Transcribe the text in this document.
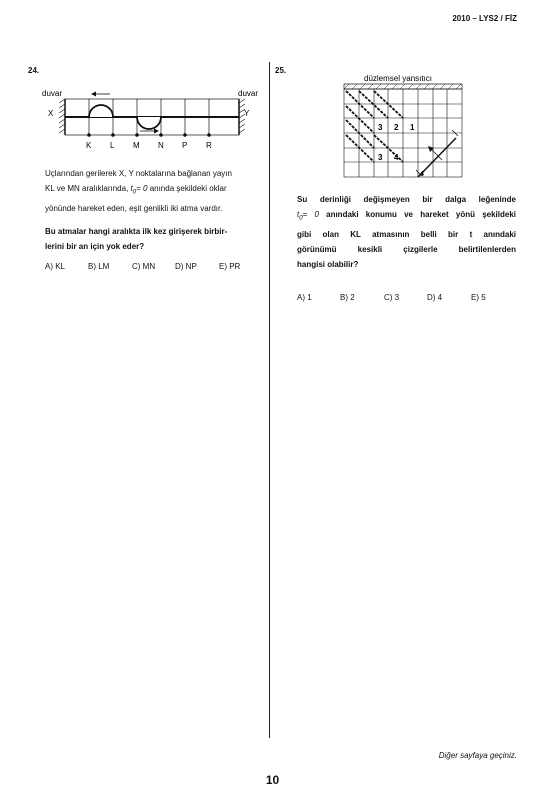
2010 – LYS2 / FİZ
24.
duvar	duvar
X	Y
K L M N P R
Uçlarından gerilerek X, Y noktalarına bağlanan yayın
KL ve MN aralıklarında, $t_0= 0$ anında şekildeki oklar
yönünde hareket eden, eşit genlikli iki atma vardır.
Bu atmalar hangi aralıkta ilk kez girişerek birbir-
lerini bir an için yok eder?
A) KL	B) LM	C) MN D) NP	E) PR
25.
düzlemsel yansıtıcı
3 2 1
3 4
4
Su derinliği değişmeyen bir dalga leğeninde
$t_0= 0$ anındaki konumu ve hareket yönü şekildeki
gibi olan KL atmasının belli bir t anındaki
görünümü kesikli çizgilerle belirtilenlerden
hangisi olabilir?
A) 1	B) 2	C) 3	D) 4	E) 5
Diğer sayfaya geçiniz.
10
